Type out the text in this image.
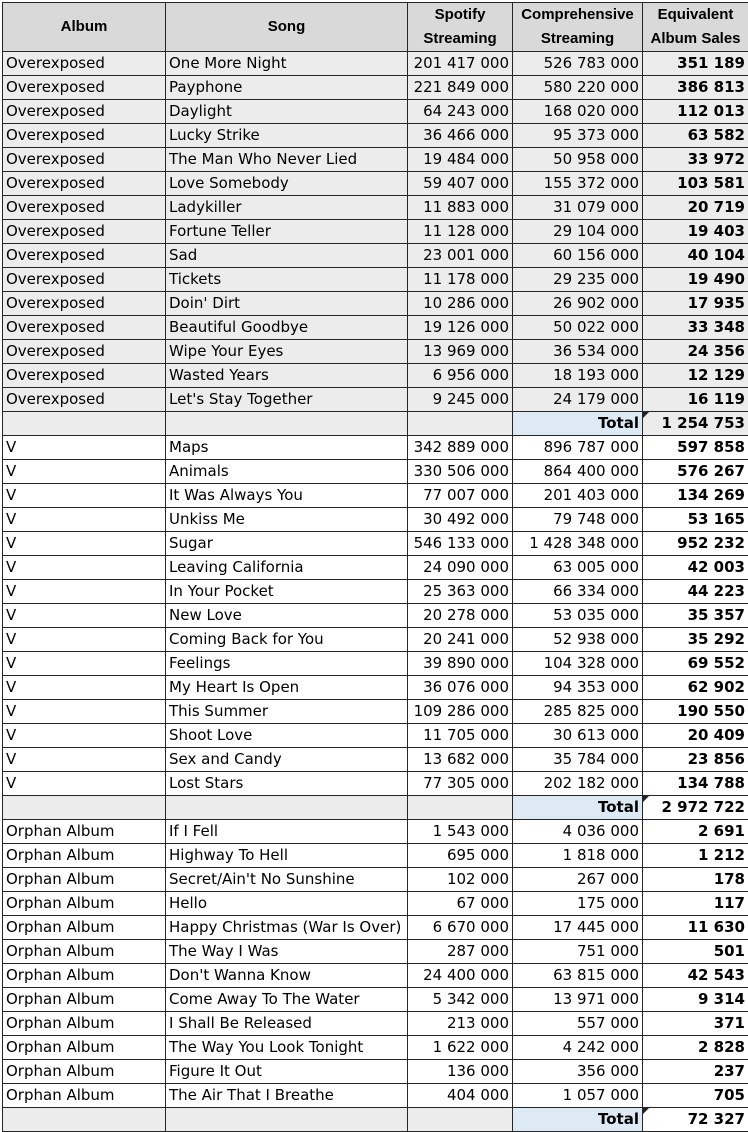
Album	Song	Spotify Streaming	Comprehensive Streaming	Equivalent Album Sales
Overexposed	One More Night	201 417 000	526 783 000	351 189
Overexposed	Payphone	221 849 000	580 220 000	386 813
Overexposed	Daylight	64 243 000	168 020 000	112 013
Overexposed	Lucky Strike	36 466 000	95 373 000	63 582
Overexposed	The Man Who Never Lied	19 484 000	50 958 000	33 972
Overexposed	Love Somebody	59 407 000	155 372 000	103 581
Overexposed	Ladykiller	11 883 000	31 079 000	20 719
Overexposed	Fortune Teller	11 128 000	29 104 000	19 403
Overexposed	Sad	23 001 000	60 156 000	40 104
Overexposed	Tickets	11 178 000	29 235 000	19 490
Overexposed	Doin' Dirt	10 286 000	26 902 000	17 935
Overexposed	Beautiful Goodbye	19 126 000	50 022 000	33 348
Overexposed	Wipe Your Eyes	13 969 000	36 534 000	24 356
Overexposed	Wasted Years	6 956 000	18 193 000	12 129
Overexposed	Let's Stay Together	9 245 000	24 179 000	16 119
			Total	1 254 753

V	Maps	342 889 000	896 787 000	597 858
V	Animals	330 506 000	864 400 000	576 267
V	It Was Always You	77 007 000	201 403 000	134 269
V	Unkiss Me	30 492 000	79 748 000	53 165
V	Sugar	546 133 000	1 428 348 000	952 232
V	Leaving California	24 090 000	63 005 000	42 003
V	In Your Pocket	25 363 000	66 334 000	44 223
V	New Love	20 278 000	53 035 000	35 357
V	Coming Back for You	20 241 000	52 938 000	35 292
V	Feelings	39 890 000	104 328 000	69 552
V	My Heart Is Open	36 076 000	94 353 000	62 902
V	This Summer	109 286 000	285 825 000	190 550
V	Shoot Love	11 705 000	30 613 000	20 409
V	Sex and Candy	13 682 000	35 784 000	23 856
V	Lost Stars	77 305 000	202 182 000	134 788
			Total	2 972 722

Orphan Album	If I Fell	1 543 000	4 036 000	2 691
Orphan Album	Highway To Hell	695 000	1 818 000	1 212
Orphan Album	Secret/Ain't No Sunshine	102 000	267 000	178
Orphan Album	Hello	67 000	175 000	117
Orphan Album	Happy Christmas (War Is Over)	6 670 000	17 445 000	11 630
Orphan Album	The Way I Was	287 000	751 000	501
Orphan Album	Don't Wanna Know	24 400 000	63 815 000	42 543
Orphan Album	Come Away To The Water	5 342 000	13 971 000	9 314
Orphan Album	I Shall Be Released	213 000	557 000	371
Orphan Album	The Way You Look Tonight	1 622 000	4 242 000	2 828
Orphan Album	Figure It Out	136 000	356 000	237
Orphan Album	The Air That I Breathe	404 000	1 057 000	705
			Total	72 327
